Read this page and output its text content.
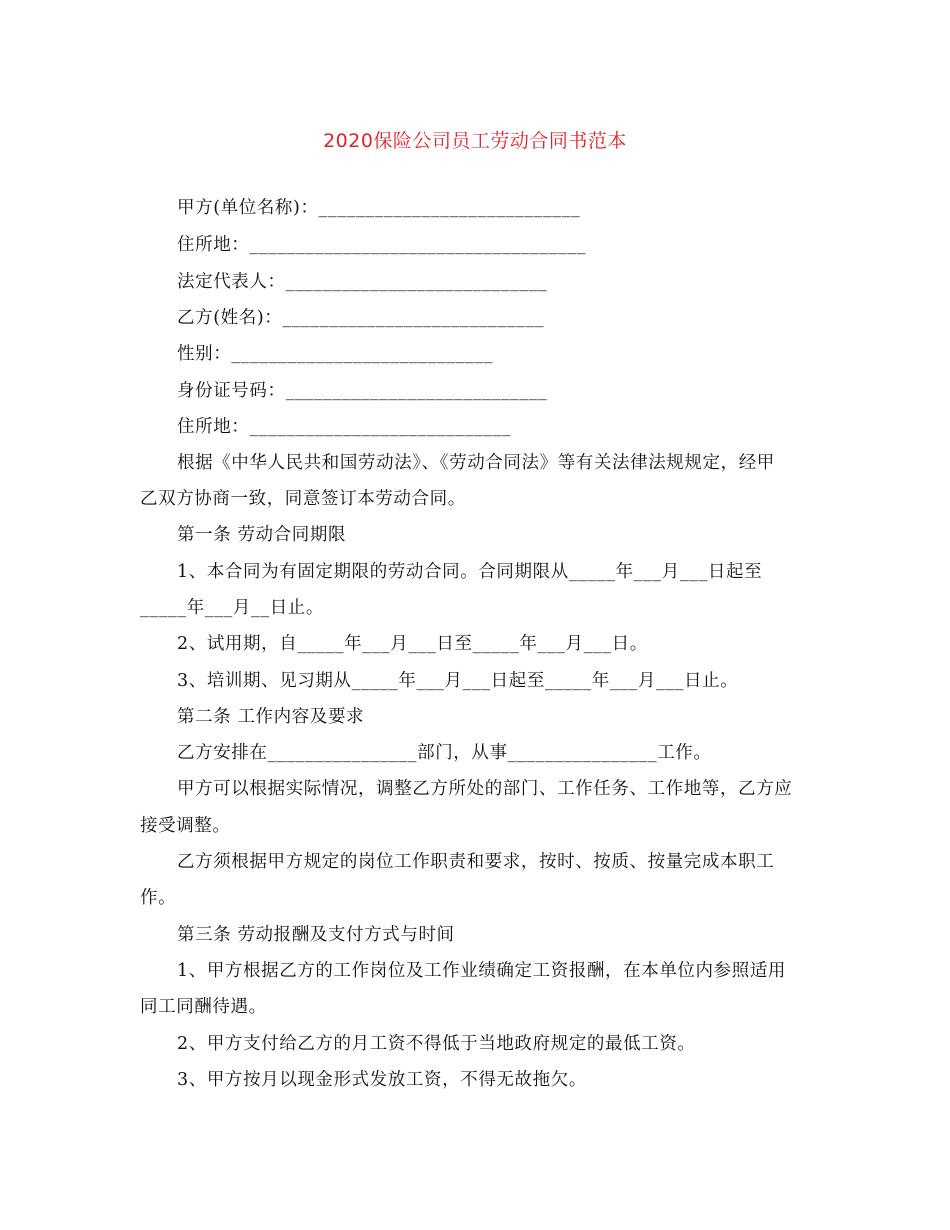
2020保险公司员工劳动合同书范本
甲方(单位名称)：____________________________
住所地：____________________________________
法定代表人：____________________________
乙方(姓名)：____________________________
性别：____________________________
身份证号码：____________________________
住所地：____________________________
根据《中华人民共和国劳动法》、《劳动合同法》等有关法律法规规定，经甲
乙双方协商一致，同意签订本劳动合同。
第一条 劳动合同期限
1、本合同为有固定期限的劳动合同。合同期限从_____年___月___日起至
_____年___月__日止。
2、试用期，自_____年___月___日至_____年___月___日。
3、培训期、见习期从_____年___月___日起至_____年___月___日止。
第二条 工作内容及要求
乙方安排在________________部门，从事________________工作。
甲方可以根据实际情况，调整乙方所处的部门、工作任务、工作地等，乙方应
接受调整。
乙方须根据甲方规定的岗位工作职责和要求，按时、按质、按量完成本职工
作。
第三条 劳动报酬及支付方式与时间
1、甲方根据乙方的工作岗位及工作业绩确定工资报酬，在本单位内参照适用
同工同酬待遇。
2、甲方支付给乙方的月工资不得低于当地政府规定的最低工资。
3、甲方按月以现金形式发放工资，不得无故拖欠。
